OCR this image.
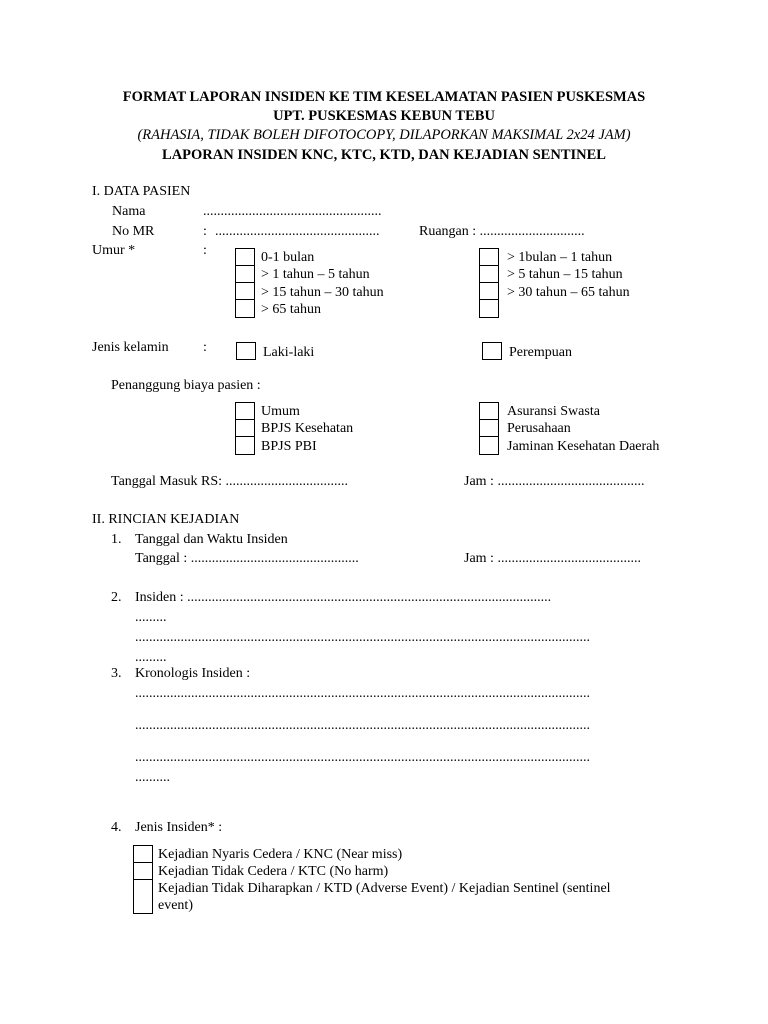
FORMAT LAPORAN INSIDEN KE TIM KESELAMATAN PASIEN PUSKESMAS
UPT. PUSKESMAS KEBUN TEBU
(RAHASIA, TIDAK BOLEH DIFOTOCOPY, DILAPORKAN MAKSIMAL 2x24 JAM)
LAPORAN INSIDEN KNC, KTC, KTD, DAN KEJADIAN SENTINEL
I. DATA PASIEN
Nama	...................................................
No MR	: ...............................................	Ruangan : ..............................
Umur *	:	0-1 bulan
> 1 tahun – 5 tahun
> 15 tahun – 30 tahun
> 65 tahun
> 1bulan – 1 tahun
> 5 tahun – 15 tahun
> 30 tahun – 65 tahun
Jenis kelamin :	Laki-laki	Perempuan
Penanggung biaya pasien :
Umum
BPJS Kesehatan
BPJS PBI
Asuransi Swasta
Perusahaan
Jaminan Kesehatan Daerah
Tanggal Masuk RS: ...................................	Jam : ..........................................
II. RINCIAN KEJADIAN
1. Tanggal dan Waktu Insiden
Tanggal : ................................................	Jam : .........................................
2. Insiden : ........................................................................................................
.........
..................................................................................................................................
.........
3. Kronologis Insiden :
..................................................................................................................................
..................................................................................................................................
..................................................................................................................................
..........
4. Jenis Insiden* :
Kejadian Nyaris Cedera / KNC (Near miss)
Kejadian Tidak Cedera / KTC (No harm)
Kejadian Tidak Diharapkan / KTD (Adverse Event) / Kejadian Sentinel (sentinel
event)
